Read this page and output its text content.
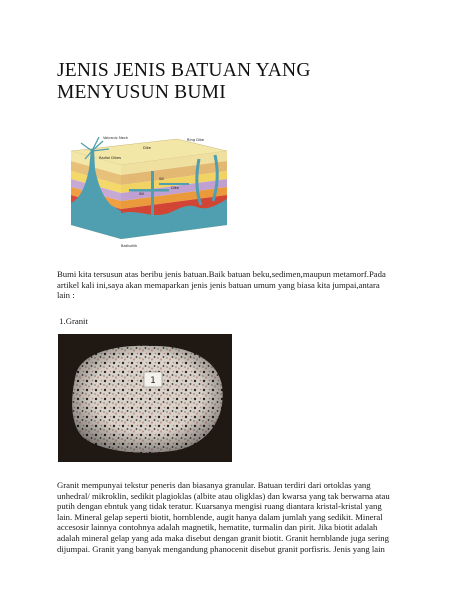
JENIS JENIS BATUAN YANG
MENYUSUN BUMI
Volcanic Neck
Radial Dikes
Dike
Ring Dike
Sill
Sill
Dike
Batholith
Bumi kita tersusun atas beribu jenis batuan.Baik batuan beku,sedimen,maupun metamorf.Pada
artikel kali ini,saya akan memaparkan jenis jenis batuan umum yang biasa kita jumpai,antara
lain :
1.Granit
1
Granit mempunyai tekstur peneris dan biasanya granular. Batuan terdiri dari ortoklas yang
unhedral/ mikroklin, sedikit plagioklas (albite atau oligklas) dan kwarsa yang tak berwarna atau
putih dengan ebntuk yang tidak teratur. Kuarsanya mengisi ruang diantara kristal-kristal yang
lain. Mineral gelap seperti biotit, hornblende, augit hanya dalam jumlah yang sedikit. Mineral
accesosir lainnya contohnya adalah magnetik, hematite, turmalin dan pirit. Jika biotit adalah
adalah mineral gelap yang ada maka disebut dengan granit biotit. Granit hernblande juga sering
dijumpai. Granit yang banyak mengandung phanocenit disebut granit porfisris. Jenis yang lain
